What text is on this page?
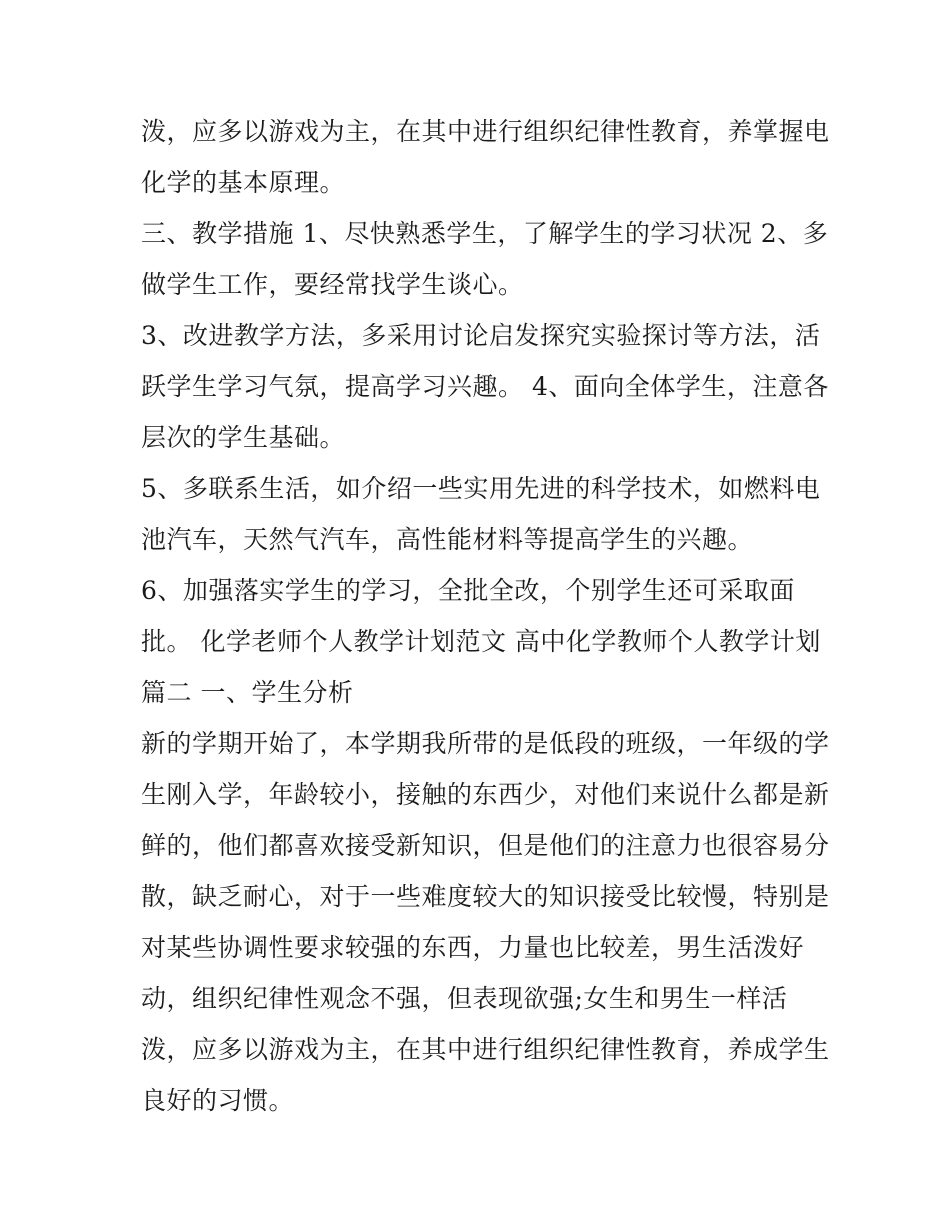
泼，应多以游戏为主，在其中进行组织纪律性教育，养掌握电
化学的基本原理。
三、教学措施 1、尽快熟悉学生，了解学生的学习状况 2、多
做学生工作，要经常找学生谈心。
3、改进教学方法，多采用讨论启发探究实验探讨等方法，活
跃学生学习气氛，提高学习兴趣。 4、面向全体学生，注意各
层次的学生基础。
5、多联系生活，如介绍一些实用先进的科学技术，如燃料电
池汽车，天然气汽车，高性能材料等提高学生的兴趣。
6、加强落实学生的学习，全批全改，个别学生还可采取面
批。 化学老师个人教学计划范文 高中化学教师个人教学计划
篇二 一、学生分析
新的学期开始了，本学期我所带的是低段的班级，一年级的学
生刚入学，年龄较小，接触的东西少，对他们来说什么都是新
鲜的，他们都喜欢接受新知识，但是他们的注意力也很容易分
散，缺乏耐心，对于一些难度较大的知识接受比较慢，特别是
对某些协调性要求较强的东西，力量也比较差，男生活泼好
动，组织纪律性观念不强，但表现欲强;女生和男生一样活
泼，应多以游戏为主，在其中进行组织纪律性教育，养成学生
良好的习惯。
